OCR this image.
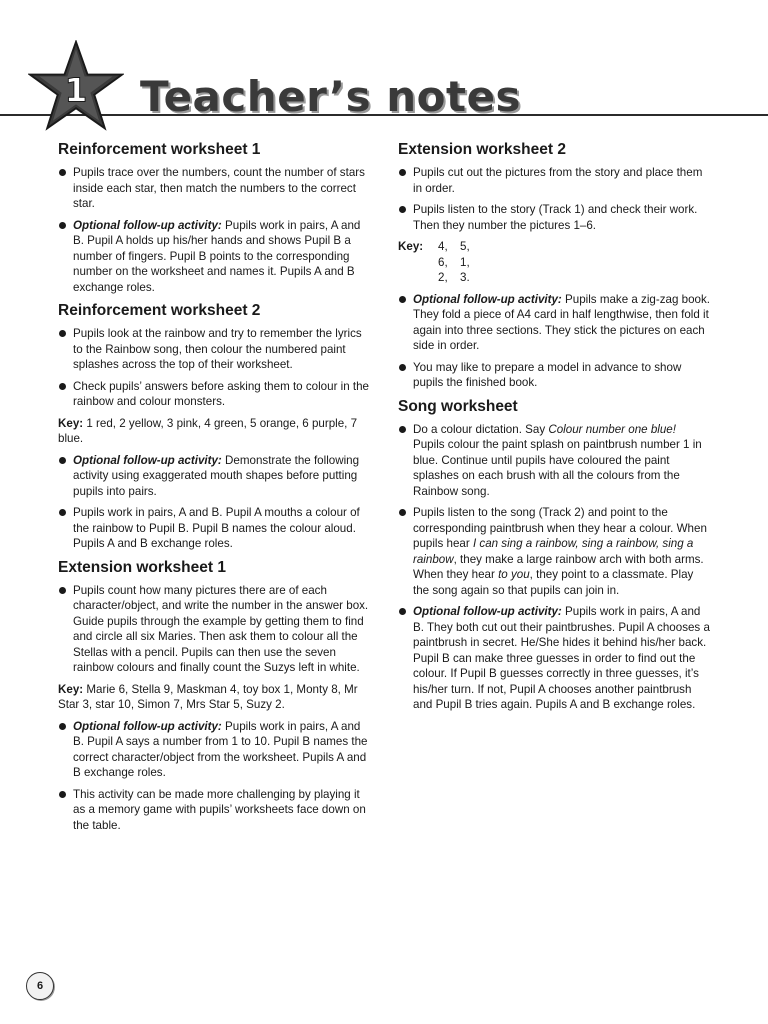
1 Teacher’s notes
Reinforcement worksheet 1
Pupils trace over the numbers, count the number of stars inside each star, then match the numbers to the correct star.
Optional follow-up activity: Pupils work in pairs, A and B. Pupil A holds up his/her hands and shows Pupil B a number of fingers. Pupil B points to the corresponding number on the worksheet and names it. Pupils A and B exchange roles.
Reinforcement worksheet 2
Pupils look at the rainbow and try to remember the lyrics to the Rainbow song, then colour the numbered paint splashes across the top of their worksheet.
Check pupils’ answers before asking them to colour in the rainbow and colour monsters.

Key: 1 red, 2 yellow, 3 pink, 4 green, 5 orange, 6 purple, 7 blue.

Optional follow-up activity: Demonstrate the following activity using exaggerated mouth shapes before putting pupils into pairs.
Pupils work in pairs, A and B. Pupil A mouths a colour of the rainbow to Pupil B. Pupil B names the colour aloud. Pupils A and B exchange roles.
Extension worksheet 1
Pupils count how many pictures there are of each character/object, and write the number in the answer box. Guide pupils through the example by getting them to find and circle all six Maries. Then ask them to colour all the Stellas with a pencil. Pupils can then use the seven rainbow colours and finally count the Suzys left in white.

Key: Marie 6, Stella 9, Maskman 4, toy box 1, Monty 8, Mr Star 3, star 10, Simon 7, Mrs Star 5, Suzy 2.

Optional follow-up activity: Pupils work in pairs, A and B. Pupil A says a number from 1 to 10. Pupil B names the correct character/object from the worksheet. Pupils A and B exchange roles.
This activity can be made more challenging by playing it as a memory game with pupils’ worksheets face down on the table.
Extension worksheet 2
Pupils cut out the pictures from the story and place them in order.
Pupils listen to the story (Track 1) and check their work. Then they number the pictures 1–6.
Key:	4,	5,
6,	1,
2,	3.
Optional follow-up activity: Pupils make a zig-zag book. They fold a piece of A4 card in half lengthwise, then fold it again into three sections. They stick the pictures on each side in order.
You may like to prepare a model in advance to show pupils the finished book.
Song worksheet
Do a colour dictation. Say Colour number one blue! Pupils colour the paint splash on paintbrush number 1 in blue. Continue until pupils have coloured the paint splashes on each brush with all the colours from the Rainbow song.
Pupils listen to the song (Track 2) and point to the corresponding paintbrush when they hear a colour. When pupils hear I can sing a rainbow, sing a rainbow, sing a rainbow, they make a large rainbow arch with both arms. When they hear to you, they point to a classmate. Play the song again so that pupils can join in.
Optional follow-up activity: Pupils work in pairs, A and B. They both cut out their paintbrushes. Pupil A chooses a paintbrush in secret. He/She hides it behind his/her back. Pupil B can make three guesses in order to find out the colour. If Pupil B guesses correctly in three guesses, it’s his/her turn. If not, Pupil A chooses another paintbrush and Pupil B tries again. Pupils A and B exchange roles.
6
